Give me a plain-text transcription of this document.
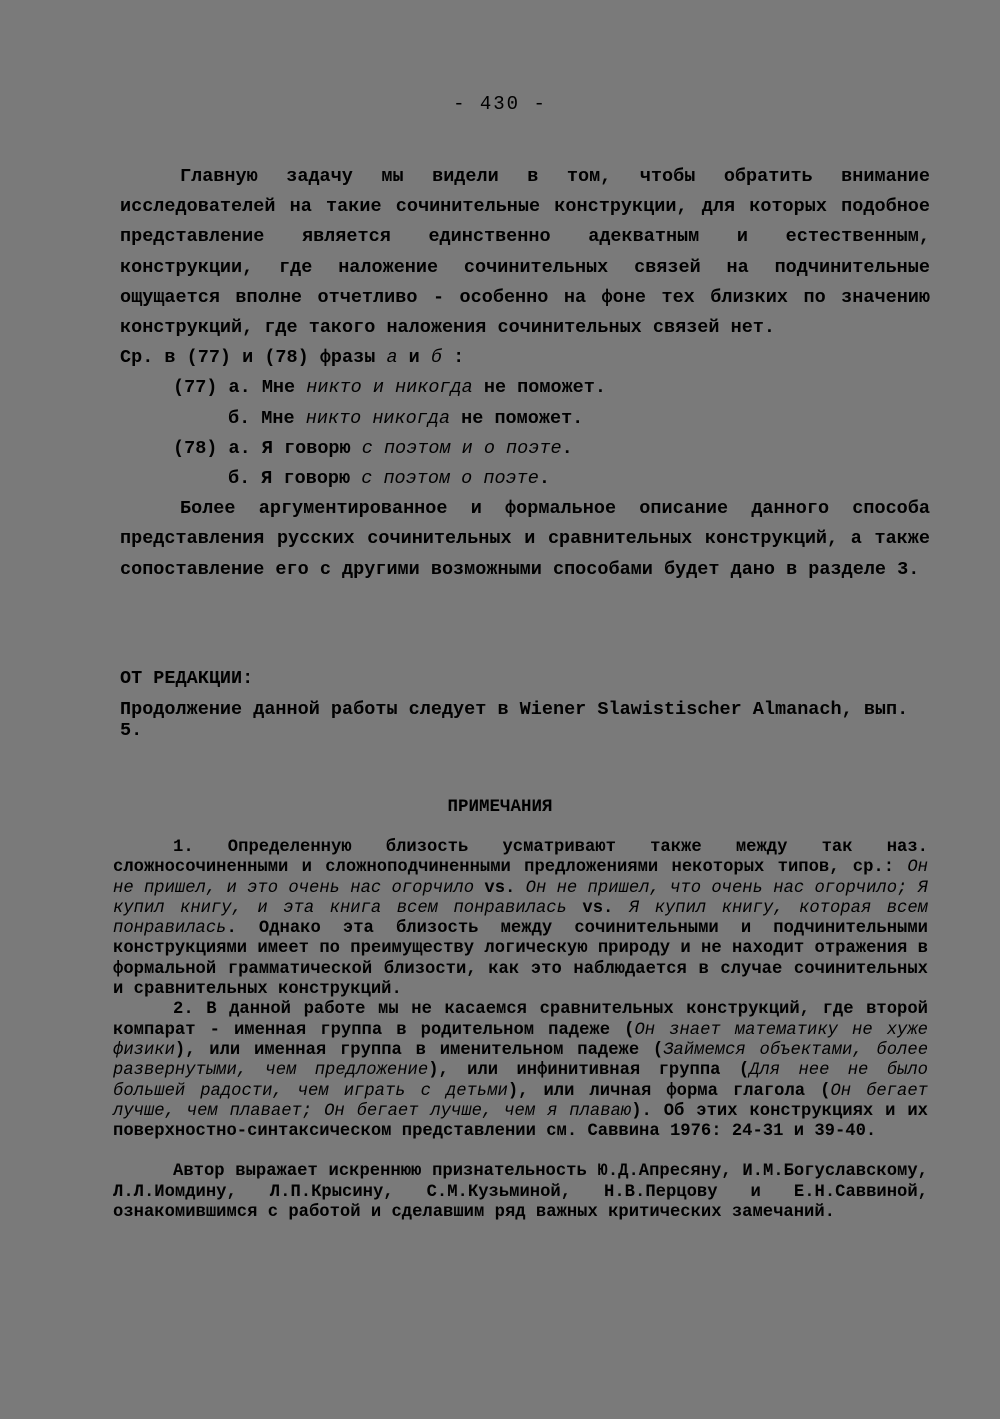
- 430 -

Главную задачу мы видели в том, чтобы обратить внимание исследователей на такие сочинительные конструкции, для которых подобное представление является единственно адекватным и естественным, конструкции, где наложение сочинительных связей на подчинительные ощущается вполне отчетливо - особенно на фоне тех близких по значению конструкций, где такого наложения сочинительных связей нет.

Ср. в (77) и (78) фразы а и б :

(77) а. Мне никто и никогда не поможет.
б. Мне никто никогда не поможет.
(78) а. Я говорю с поэтом и о поэте.
б. Я говорю с поэтом о поэте.

Более аргументированное и формальное описание данного способа представления русских сочинительных и сравнительных конструкций, а также сопоставление его с другими возможными способами будет дано в разделе 3.

ОТ РЕДАКЦИИ:

Продолжение данной работы следует в Wiener Slawistischer Almanach, вып. 5.

ПРИМЕЧАНИЯ

1. Определенную близость усматривают также между так наз. сложносочиненными и сложноподчиненными предложениями некоторых типов, ср.: Он не пришел, и это очень нас огорчило vs. Он не пришел, что очень нас огорчило; Я купил книгу, и эта книга всем понравилась vs. Я купил книгу, которая всем понравилась. Однако эта близость между сочинительными и подчинительными конструкциями имеет по преимуществу логическую природу и не находит отражения в формальной грамматической близости, как это наблюдается в случае сочинительных и сравнительных конструкций.

2. В данной работе мы не касаемся сравнительных конструкций, где второй компарат - именная группа в родительном падеже (Он знает математику не хуже физики), или именная группа в именительном падеже (Займемся объектами, более развернутыми, чем предложение), или инфинитивная группа (Для нее не было большей радости, чем играть с детьми), или личная форма глагола (Он бегает лучше, чем плавает; Он бегает лучше, чем я плаваю). Об этих конструкциях и их поверхностно-синтаксическом представлении см. Саввина 1976: 24-31 и 39-40.

Автор выражает искреннюю признательность Ю.Д.Апресяну, И.М.Богуславскому, Л.Л.Иомдину, Л.П.Крысину, С.М.Кузьминой, Н.В.Перцову и Е.Н.Саввиной, ознакомившимся с работой и сделавшим ряд важных критических замечаний.
